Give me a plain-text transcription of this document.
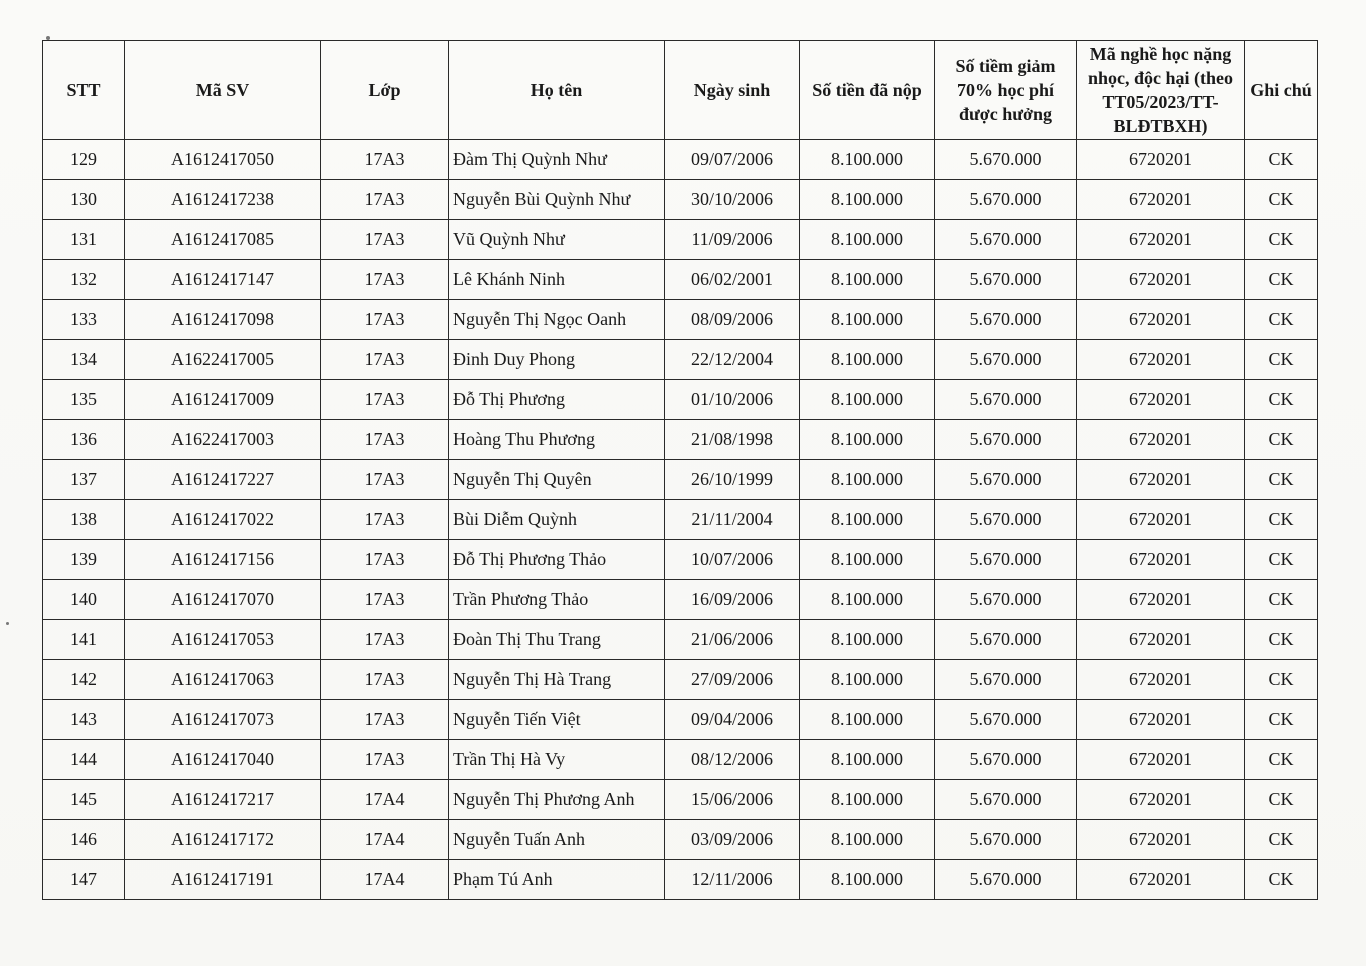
STT	Mã SV	Lớp	Họ tên	Ngày sinh	Số tiền đã nộp	Số tiềm giảm 70% học phí được hưởng	Mã nghề học nặng nhọc, độc hại (theo TT05/2023/TT-BLĐTBXH)	Ghi chú
129	A1612417050	17A3	Đàm Thị Quỳnh Như	09/07/2006	8.100.000	5.670.000	6720201	CK
130	A1612417238	17A3	Nguyễn Bùi Quỳnh Như	30/10/2006	8.100.000	5.670.000	6720201	CK
131	A1612417085	17A3	Vũ Quỳnh Như	11/09/2006	8.100.000	5.670.000	6720201	CK
132	A1612417147	17A3	Lê Khánh Ninh	06/02/2001	8.100.000	5.670.000	6720201	CK
133	A1612417098	17A3	Nguyễn Thị Ngọc Oanh	08/09/2006	8.100.000	5.670.000	6720201	CK
134	A1622417005	17A3	Đinh Duy Phong	22/12/2004	8.100.000	5.670.000	6720201	CK
135	A1612417009	17A3	Đỗ Thị Phương	01/10/2006	8.100.000	5.670.000	6720201	CK
136	A1622417003	17A3	Hoàng Thu Phương	21/08/1998	8.100.000	5.670.000	6720201	CK
137	A1612417227	17A3	Nguyễn Thị Quyên	26/10/1999	8.100.000	5.670.000	6720201	CK
138	A1612417022	17A3	Bùi Diễm Quỳnh	21/11/2004	8.100.000	5.670.000	6720201	CK
139	A1612417156	17A3	Đỗ Thị Phương Thảo	10/07/2006	8.100.000	5.670.000	6720201	CK
140	A1612417070	17A3	Trần Phương Thảo	16/09/2006	8.100.000	5.670.000	6720201	CK
141	A1612417053	17A3	Đoàn Thị Thu Trang	21/06/2006	8.100.000	5.670.000	6720201	CK
142	A1612417063	17A3	Nguyễn Thị Hà Trang	27/09/2006	8.100.000	5.670.000	6720201	CK
143	A1612417073	17A3	Nguyễn Tiến Việt	09/04/2006	8.100.000	5.670.000	6720201	CK
144	A1612417040	17A3	Trần Thị Hà Vy	08/12/2006	8.100.000	5.670.000	6720201	CK
145	A1612417217	17A4	Nguyễn Thị Phương Anh	15/06/2006	8.100.000	5.670.000	6720201	CK
146	A1612417172	17A4	Nguyễn Tuấn Anh	03/09/2006	8.100.000	5.670.000	6720201	CK
147	A1612417191	17A4	Phạm Tú Anh	12/11/2006	8.100.000	5.670.000	6720201	CK
